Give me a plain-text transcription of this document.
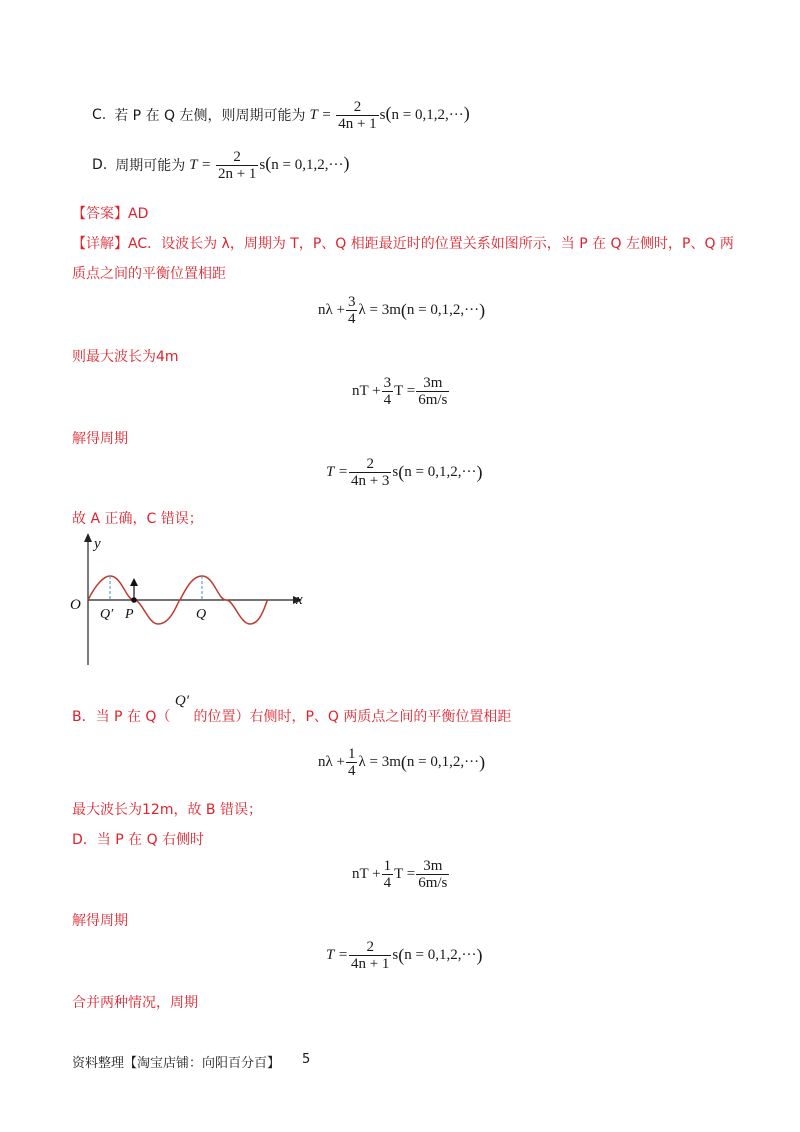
C. 若 P 在 Q 左侧，则周期可能为 $T = \frac{2}{4n + 1} s(n = 0,1,2,\cdot\cdot\cdot)$
D. 周期可能为 $T = \frac{2}{2n + 1} s(n = 0,1,2,\cdot\cdot\cdot)$
【答案】AD
【详解】AC．设波长为 λ，周期为 T，P、Q 相距最近时的位置关系如图所示，当 P 在 Q 左侧时，P、Q 两
质点之间的平衡位置相距
$n\lambda + \frac{3}{4}$ λ = 3m ( n = 0,1,2,··· )
则最大波长为4m
nT + $\frac{3}{4}$ $T = \frac{3m}{6m/s}$
解得周期
$T = \frac{2}{4n + 3}$ s ( n = 0,1,2,··· )
故 A 正确，C 错误；
y
x
O
Q′ P	Q
B．当 P 在 Q（ Q′ 的位置）右侧时，P、Q 两质点之间的平衡位置相距
$n\lambda + \frac{1}{4}$ λ = 3m ( n = 0,1,2,··· )
最大波长为12m，故 B 错误；
D．当 P 在 Q 右侧时
nT + $\frac{1}{4}$ $T = \frac{3m}{6m/s}$
解得周期
$T = \frac{2}{4n + 1}$ s ( n = 0,1,2,··· )
合并两种情况，周期
资料整理【淘宝店铺：向阳百分百】 5
